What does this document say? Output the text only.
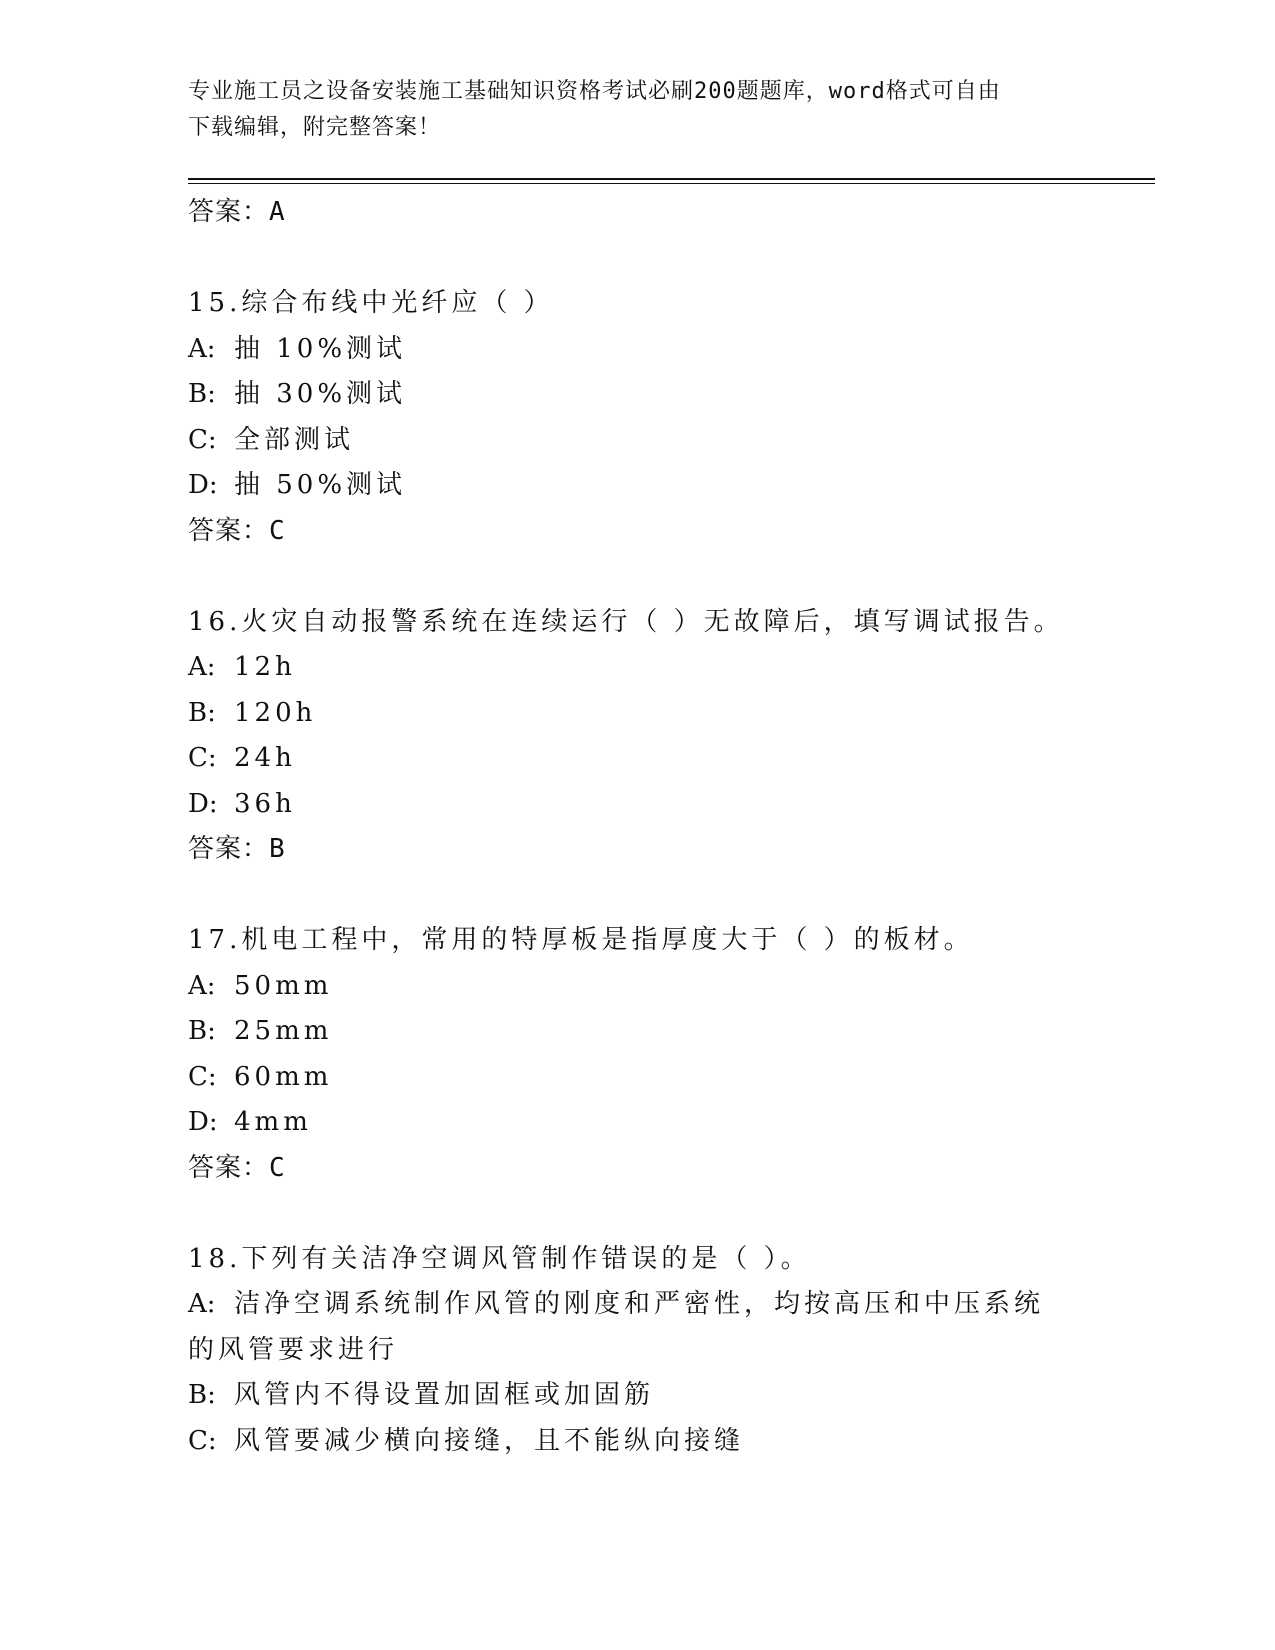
专业施工员之设备安装施工基础知识资格考试必刷200题题库，word格式可自由
下载编辑，附完整答案！
答案：A
15.综合布线中光纤应（ ）
A: 抽 10%测试
B: 抽 30%测试
C: 全部测试
D: 抽 50%测试
答案：C
16.火灾自动报警系统在连续运行（ ）无故障后，填写调试报告。
A: 12h
B: 120h
C: 24h
D: 36h
答案：B
17.机电工程中，常用的特厚板是指厚度大于（ ）的板材。
A: 50mm
B: 25mm
C: 60mm
D: 4mm
答案：C
18.下列有关洁净空调风管制作错误的是（ ）。
A: 洁净空调系统制作风管的刚度和严密性，均按高压和中压系统的风管要求进行
B: 风管内不得设置加固框或加固筋
C: 风管要减少横向接缝，且不能纵向接缝
